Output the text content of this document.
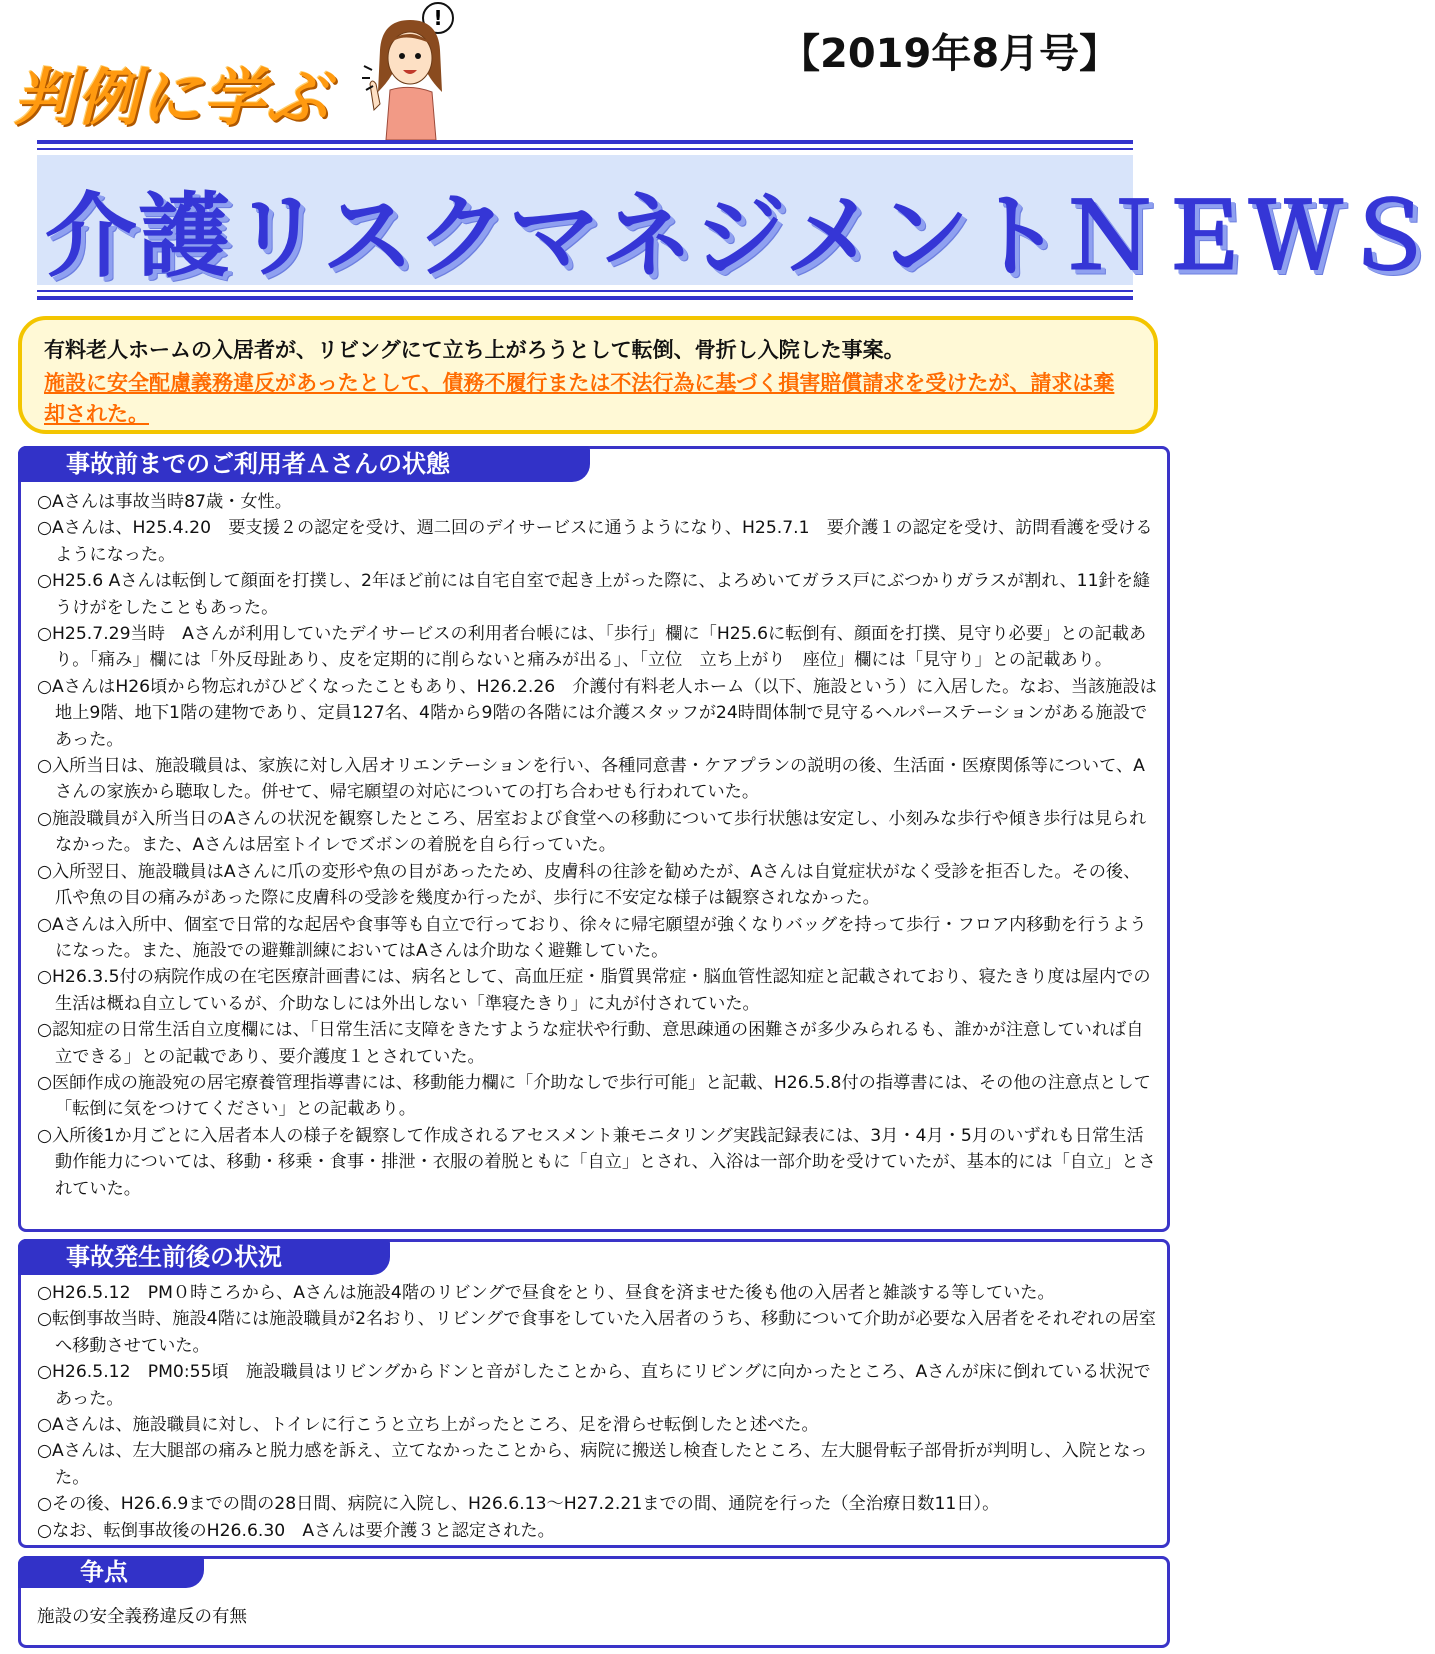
判例に学ぶ
!
【2019年8月号】
介護リスクマネジメントＮＥＷＳ

有料老人ホームの入居者が、リビングにて立ち上がろうとして転倒、骨折し入院した事案。

施設に安全配慮義務違反があったとして、債務不履行または不法行為に基づく損害賠償請求を受けたが、請求は棄却された。

事故前までのご利用者Ａさんの状態
○Aさんは事故当時87歳・女性。
○Aさんは、H25.4.20　要支援２の認定を受け、週二回のデイサービスに通うようになり、H25.7.1　要介護１の認定を受け、訪問看護を受けるようになった。
○H25.6 Aさんは転倒して顔面を打撲し、2年ほど前には自宅自室で起き上がった際に、よろめいてガラス戸にぶつかりガラスが割れ、11針を縫うけがをしたこともあった。
○H25.7.29当時　Aさんが利用していたデイサービスの利用者台帳には、「歩行」欄に「H25.6に転倒有、顔面を打撲、見守り必要」との記載あり。「痛み」欄には「外反母趾あり、皮を定期的に削らないと痛みが出る」、「立位　立ち上がり　座位」欄には「見守り」との記載あり。
○AさんはH26頃から物忘れがひどくなったこともあり、H26.2.26　介護付有料老人ホーム（以下、施設という）に入居した。なお、当該施設は地上9階、地下1階の建物であり、定員127名、4階から9階の各階には介護スタッフが24時間体制で見守るヘルパーステーションがある施設であった。
○入所当日は、施設職員は、家族に対し入居オリエンテーションを行い、各種同意書・ケアプランの説明の後、生活面・医療関係等について、Aさんの家族から聴取した。併せて、帰宅願望の対応についての打ち合わせも行われていた。
○施設職員が入所当日のAさんの状況を観察したところ、居室および食堂への移動について歩行状態は安定し、小刻みな歩行や傾き歩行は見られなかった。また、Aさんは居室トイレでズボンの着脱を自ら行っていた。
○入所翌日、施設職員はAさんに爪の変形や魚の目があったため、皮膚科の往診を勧めたが、Aさんは自覚症状がなく受診を拒否した。その後、爪や魚の目の痛みがあった際に皮膚科の受診を幾度か行ったが、歩行に不安定な様子は観察されなかった。
○Aさんは入所中、個室で日常的な起居や食事等も自立で行っており、徐々に帰宅願望が強くなりバッグを持って歩行・フロア内移動を行うようになった。また、施設での避難訓練においてはAさんは介助なく避難していた。
○H26.3.5付の病院作成の在宅医療計画書には、病名として、高血圧症・脂質異常症・脳血管性認知症と記載されており、寝たきり度は屋内での生活は概ね自立しているが、介助なしには外出しない「準寝たきり」に丸が付されていた。
○認知症の日常生活自立度欄には、「日常生活に支障をきたすような症状や行動、意思疎通の困難さが多少みられるも、誰かが注意していれば自立できる」との記載であり、要介護度１とされていた。
○医師作成の施設宛の居宅療養管理指導書には、移動能力欄に「介助なしで歩行可能」と記載、H26.5.8付の指導書には、その他の注意点として「転倒に気をつけてください」との記載あり。
○入所後1か月ごとに入居者本人の様子を観察して作成されるアセスメント兼モニタリング実践記録表には、3月・4月・5月のいずれも日常生活動作能力については、移動・移乗・食事・排泄・衣服の着脱ともに「自立」とされ、入浴は一部介助を受けていたが、基本的には「自立」とされていた。
事故発生前後の状況
○H26.5.12　PM０時ころから、Aさんは施設4階のリビングで昼食をとり、昼食を済ませた後も他の入居者と雑談する等していた。
○転倒事故当時、施設4階には施設職員が2名おり、リビングで食事をしていた入居者のうち、移動について介助が必要な入居者をそれぞれの居室へ移動させていた。
○H26.5.12　PM0:55頃　施設職員はリビングからドンと音がしたことから、直ちにリビングに向かったところ、Aさんが床に倒れている状況であった。
○Aさんは、施設職員に対し、トイレに行こうと立ち上がったところ、足を滑らせ転倒したと述べた。
○Aさんは、左大腿部の痛みと脱力感を訴え、立てなかったことから、病院に搬送し検査したところ、左大腿骨転子部骨折が判明し、入院となった。
○その後、H26.6.9までの間の28日間、病院に入院し、H26.6.13～H27.2.21までの間、通院を行った（全治療日数11日）。
○なお、転倒事故後のH26.6.30　Aさんは要介護３と認定された。
争点
施設の安全義務違反の有無
